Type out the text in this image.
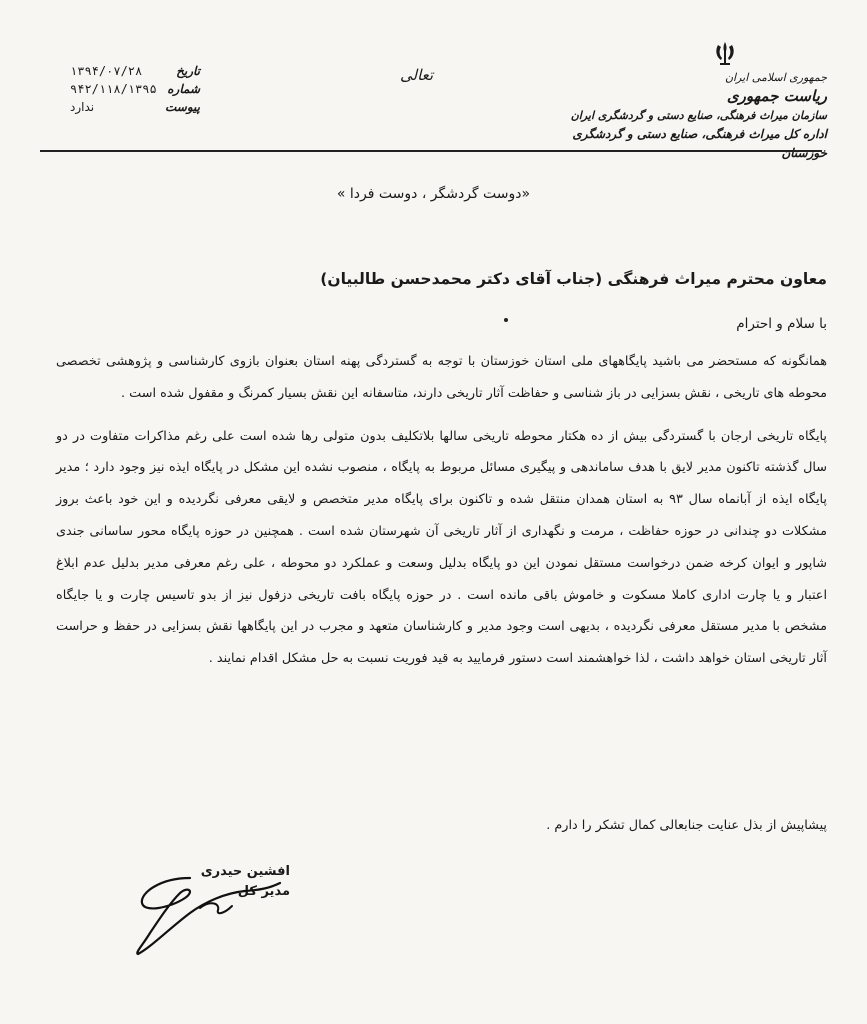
جمهوری اسلامی ایران
ریاست جمهوری
سازمان میراث فرهنگی، صنایع دستی و گردشگری ایران
اداره کل میراث فرهنگی، صنایع دستی و گردشگری خوزستان
تعالی
تاریخ
۱۳۹۴/۰۷/۲۸
شماره
۹۴۲/۱۱۸/۱۳۹۵
پیوست
ندارد
«دوست گردشگر ، دوست فردا »
معاون محترم میراث فرهنگی (جناب آقای دکتر محمدحسن طالبیان)
با سلام و احترام

همانگونه که مستحضر می باشید پایگاههای ملی استان خوزستان با توجه به گستردگی پهنه استان بعنوان بازوی کارشناسی و پژوهشی تخصصی محوطه های تاریخی ، نقش بسزایی در باز شناسی و حفاظت آثار تاریخی دارند، متاسفانه این نقش بسیار کمرنگ و مقفول شده است .

پایگاه تاریخی ارجان با گستردگی بیش از ده هکتار محوطه تاریخی سالها بلاتکلیف بدون متولی رها شده است علی رغم مذاکرات متفاوت در دو سال گذشته تاکنون مدیر لایق با هدف ساماندهی و پیگیری مسائل مربوط به پایگاه ، منصوب نشده این مشکل در پایگاه ایذه نیز وجود دارد ؛ مدیر پایگاه ایذه از آبانماه سال ۹۳ به استان همدان منتقل شده و تاکنون برای پایگاه مدیر متخصص و لایقی معرفی نگردیده و این خود باعث بروز مشکلات دو چندانی در حوزه حفاظت ، مرمت و نگهداری از آثار تاریخی آن شهرستان شده است . همچنین در حوزه پایگاه محور ساسانی جندی شاپور و ایوان کرخه ضمن درخواست مستقل نمودن این دو پایگاه بدلیل وسعت و عملکرد دو محوطه ، علی رغم معرفی مدیر بدلیل عدم ابلاغ اعتبار و یا چارت اداری کاملا مسکوت و خاموش باقی مانده است . در حوزه پایگاه بافت تاریخی دزفول نیز از بدو تاسیس چارت و یا جایگاه مشخص با مدیر مستقل معرفی نگردیده ، بدیهی است وجود مدیر و کارشناسان متعهد و مجرب در این پایگاهها نقش بسزایی در حفظ و حراست آثار تاریخی استان خواهد داشت ، لذا خواهشمند است دستور فرمایید به قید فوریت نسبت به حل مشکل اقدام نمایند .

پیشاپیش از بذل عنایت جنابعالی کمال تشکر را دارم .
افشین حیدری
مدیر کل
